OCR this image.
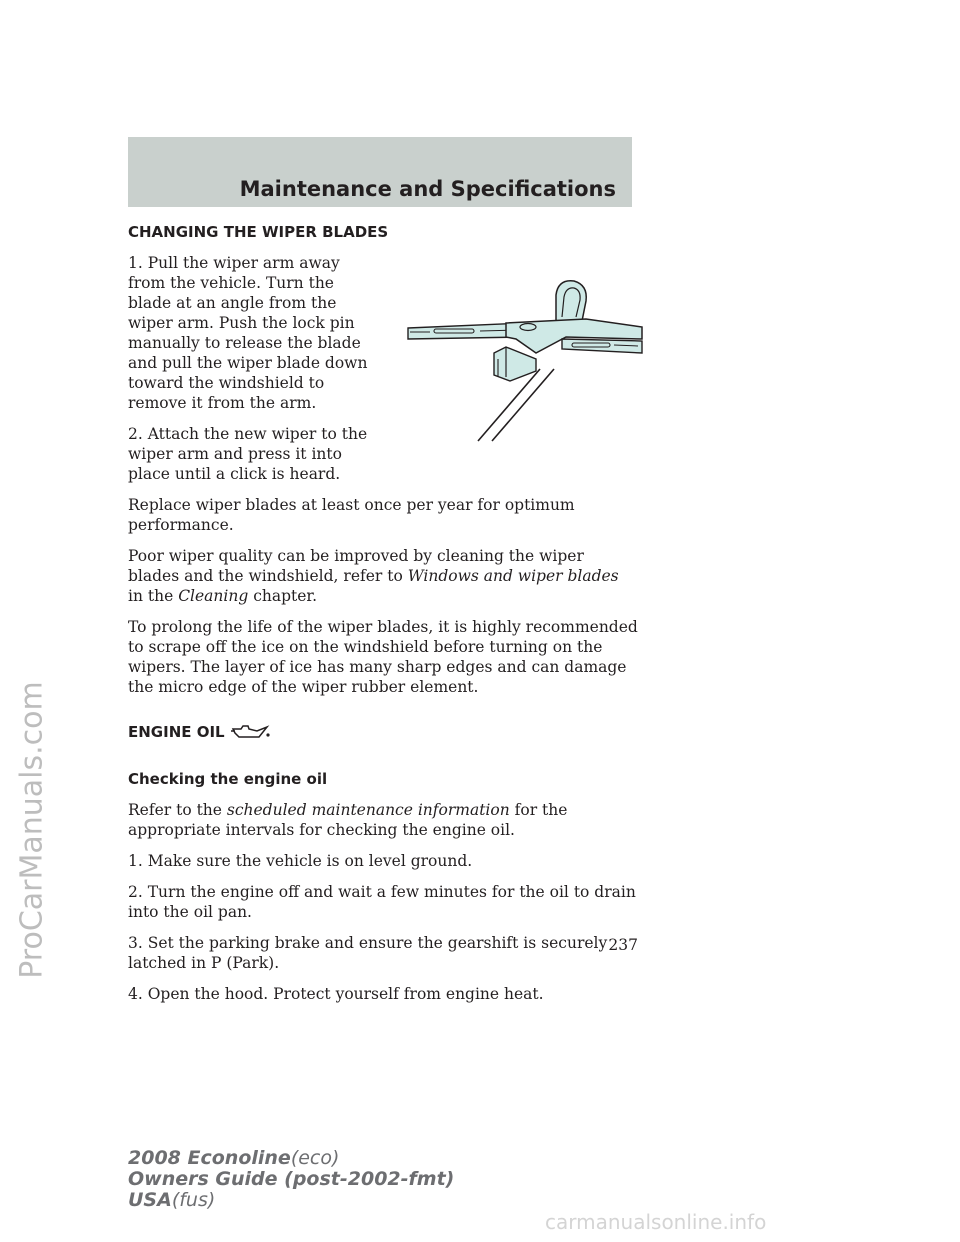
ProCarManuals.com
Maintenance and Specifications
CHANGING THE WIPER BLADES

1. Pull the wiper arm away from the vehicle. Turn the blade at an angle from the wiper arm. Push the lock pin manually to release the blade and pull the wiper blade down toward the windshield to remove it from the arm.

2. Attach the new wiper to the wiper arm and press it into place until a click is heard.

Replace wiper blades at least once per year for optimum performance.

Poor wiper quality can be improved by cleaning the wiper blades and the windshield, refer to Windows and wiper blades in the Cleaning chapter.

To prolong the life of the wiper blades, it is highly recommended to scrape off the ice on the windshield before turning on the wipers. The layer of ice has many sharp edges and can damage the micro edge of the wiper rubber element.

ENGINE OIL
Checking the engine oil

Refer to the scheduled maintenance information for the appropriate intervals for checking the engine oil.

1. Make sure the vehicle is on level ground.

2. Turn the engine off and wait a few minutes for the oil to drain into the oil pan.

3. Set the parking brake and ensure the gearshift is securely latched in P (Park).

4. Open the hood. Protect yourself from engine heat.

237
2008 Econoline(eco)
Owners Guide (post-2002-fmt)
USA(fus)
carmanualsonline.info
